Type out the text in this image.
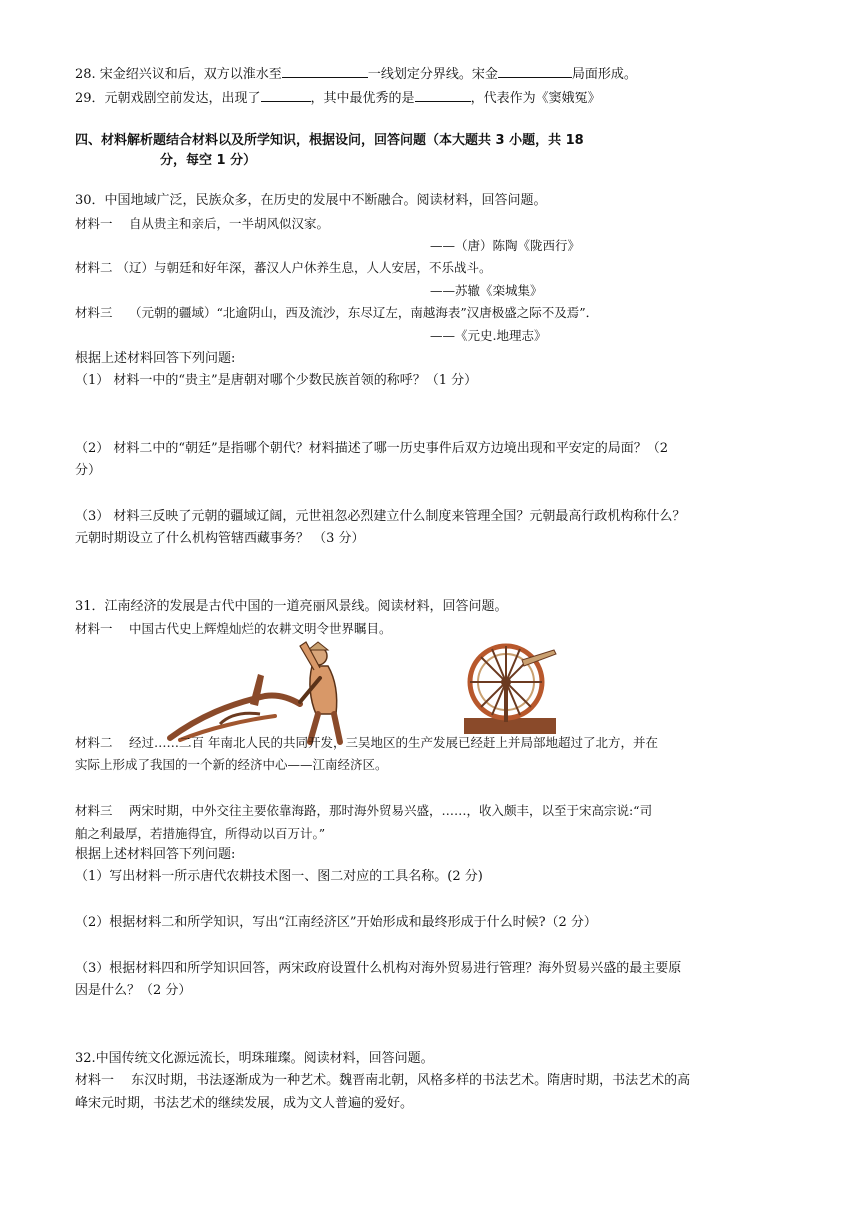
28. 宋金绍兴议和后，双方以淮水至	一线划定分界线。宋金	局面形成。
29．元朝戏剧空前发达，出现了	，其中最优秀的是	，代表作为《窦娥冤》
四、材料解析题结合材料以及所学知识，根据设问，回答问题（本大题共 3 小题，共 18
分，每空 1 分）
30．中国地域广泛，民族众多，在历史的发展中不断融合。阅读材料，回答问题。
材料一　 自从贵主和亲后，一半胡风似汉家。
——（唐）陈陶《陇西行》
材料二 （辽）与朝廷和好年深，蕃汉人户休养生息，人人安居，不乐战斗。
——苏辙《栾城集》
材料三　 （元朝的疆域）“北逾阴山，西及流沙，东尽辽左，南越海表”汉唐极盛之际不及焉”．
——《元史.地理志》
根据上述材料回答下列问题:
（1） 材料一中的“贵主”是唐朝对哪个少数民族首领的称呼？（1 分）
（2） 材料二中的“朝廷”是指哪个朝代？材料描述了哪一历史事件后双方边境出现和平安定的局面？（2
分）
（3） 材料三反映了元朝的疆域辽阔，元世祖忽必烈建立什么制度来管理全国？元朝最高行政机构称什么？
元朝时期设立了什么机构管辖西藏事务？ （3 分）
31．江南经济的发展是古代中国的一道亮丽风景线。阅读材料，回答问题。
材料一　 中国古代史上辉煌灿烂的农耕文明令世界瞩目。
材料二　 经过……二百 年南北人民的共同开发，三吴地区的生产发展已经赶上并局部地超过了北方，并在
实际上形成了我国的一个新的经济中心——江南经济区。
材料三　 两宋时期，中外交往主要依靠海路，那时海外贸易兴盛，……，收入颇丰，以至于宋高宗说:“司
舶之利最厚，若措施得宜，所得动以百万计。”
根据上述材料回答下列问题:
（1）写出材料一所示唐代农耕技术图一、图二对应的工具名称。(2 分)
（2）根据材料二和所学知识，写出“江南经济区”开始形成和最终形成于什么时候?（2 分）
（3）根据材料四和所学知识回答，两宋政府设置什么机构对海外贸易进行管理？海外贸易兴盛的最主要原
因是什么？（2 分）
32.中国传统文化源远流长，明珠璀璨。阅读材料，回答问题。
材料一　 东汉时期，书法逐渐成为一种艺术。魏晋南北朝，风格多样的书法艺术。隋唐时期，书法艺术的高
峰宋元时期，书法艺术的继续发展，成为文人普遍的爱好。
